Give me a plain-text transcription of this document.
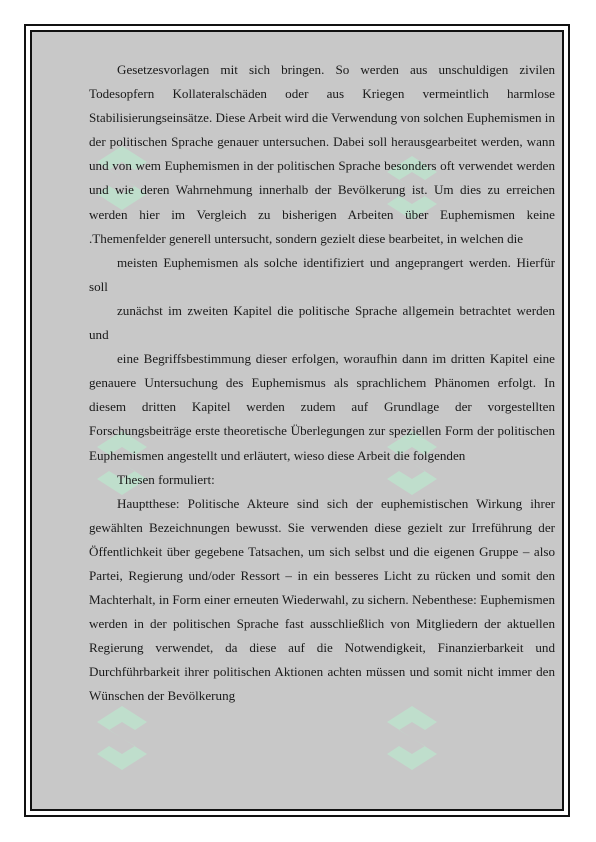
Gesetzesvorlagen mit sich bringen. So werden aus unschuldigen zivilen Todesopfern Kollateralschäden oder aus Kriegen vermeintlich harmlose Stabilisierungseinsätze. Diese Arbeit wird die Verwendung von solchen Euphemismen in der politischen Sprache genauer untersuchen. Dabei soll herausgearbeitet werden, wann und von wem Euphemismen in der politischen Sprache besonders oft verwendet werden und wie deren Wahrnehmung innerhalb der Bevölkerung ist. Um dies zu erreichen werden hier im Vergleich zu bisherigen Arbeiten über Euphemismen keine .Themenfelder generell untersucht, sondern gezielt diese bearbeitet, in welchen die

meisten Euphemismen als solche identifiziert und angeprangert werden. Hierfür soll

zunächst im zweiten Kapitel die politische Sprache allgemein betrachtet werden und

eine Begriffsbestimmung dieser erfolgen, woraufhin dann im dritten Kapitel eine genauere Untersuchung des Euphemismus als sprachlichem Phänomen erfolgt. In diesem dritten Kapitel werden zudem auf Grundlage der vorgestellten Forschungsbeiträge erste theoretische Überlegungen zur speziellen Form der politischen Euphemismen angestellt und erläutert, wieso diese Arbeit die folgenden

Thesen formuliert:

Hauptthese: Politische Akteure sind sich der euphemistischen Wirkung ihrer gewählten Bezeichnungen bewusst. Sie verwenden diese gezielt zur Irreführung der Öffentlichkeit über gegebene Tatsachen, um sich selbst und die eigenen Gruppe – also Partei, Regierung und/oder Ressort – in ein besseres Licht zu rücken und somit den Machterhalt, in Form einer erneuten Wiederwahl, zu sichern. Nebenthese: Euphemismen werden in der politischen Sprache fast ausschließlich von Mitgliedern der aktuellen Regierung verwendet, da diese auf die Notwendigkeit, Finanzierbarkeit und Durchführbarkeit ihrer politischen Aktionen achten müssen und somit nicht immer den Wünschen der Bevölkerung
